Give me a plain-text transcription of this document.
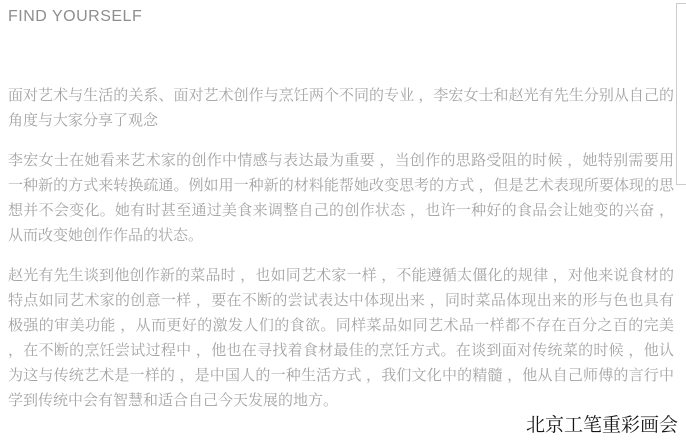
FIND YOURSELF

面对艺术与生活的关系、面对艺术创作与烹饪两个不同的专业 ，李宏女士和赵光有先生分别从自己的角度与大家分享了观念

李宏女士在她看来艺术家的创作中情感与表达最为重要 ，当创作的思路受阻的时候 ，她特别需要用一种新的方式来转换疏通。例如用一种新的材料能帮她改变思考的方式 ，但是艺术表现所要体现的思想并不会变化。她有时甚至通过美食来调整自己的创作状态 ，也许一种好的食品会让她变的兴奋 ，从而改变她创作作品的状态。

赵光有先生谈到他创作新的菜品时 ，也如同艺术家一样 ，不能遵循太僵化的规律 ，对他来说食材的特点如同艺术家的创意一样 ，要在不断的尝试表达中体现出来 ，同时菜品体现出来的形与色也具有极强的审美功能 ，从而更好的激发人们的食欲。同样菜品如同艺术品一样都不存在百分之百的完美 ，在不断的烹饪尝试过程中 ，他也在寻找着食材最佳的烹饪方式。在谈到面对传统菜的时候 ，他认为这与传统艺术是一样的 ，是中国人的一种生活方式 ，我们文化中的精髓 ，他从自己师傅的言行中学到传统中会有智慧和适合自己今天发展的地方。

北京工笔重彩画会
